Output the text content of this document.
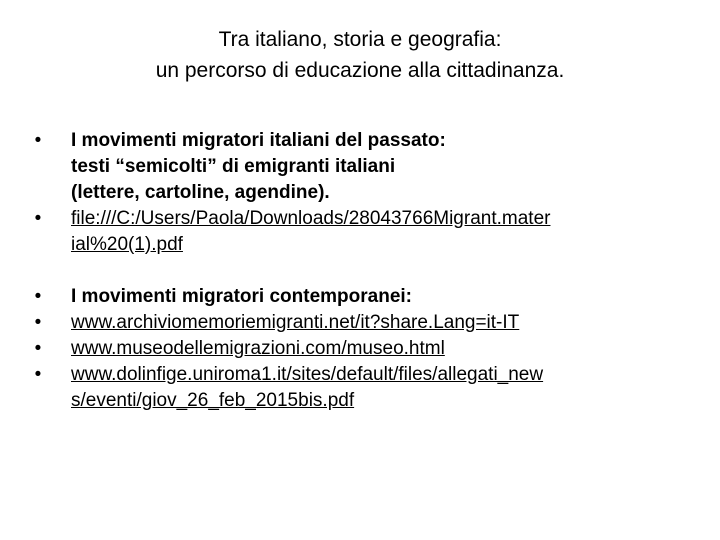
Tra italiano, storia e geografia:
un percorso di educazione alla cittadinanza.
• I movimenti migratori italiani del passato:
testi “semicolti” di emigranti italiani
(lettere, cartoline, agendine).
• file:///C:/Users/Paola/Downloads/28043766Migrant.mater
ial%20(1).pdf
• I movimenti migratori contemporanei:
• www.archiviomemoriemigranti.net/it?share.Lang=it-IT
• www.museodellemigrazioni.com/museo.html
• www.dolinfige.uniroma1.it/sites/default/files/allegati_new
s/eventi/giov_26_feb_2015bis.pdf
